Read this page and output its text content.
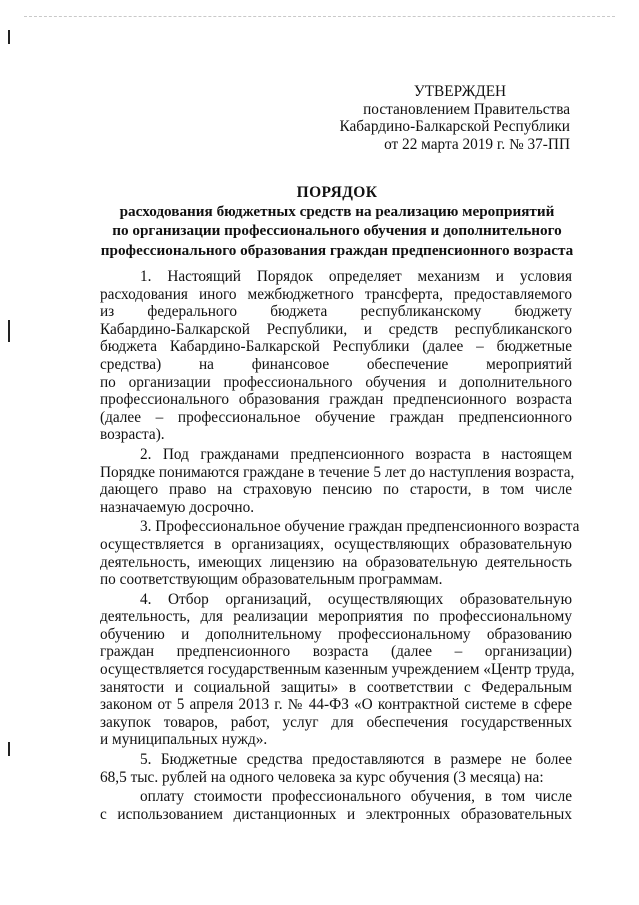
УТВЕРЖДЕН
постановлением Правительства
Кабардино-Балкарской Республики
от 22 марта 2019 г. № 37-ПП
ПОРЯДОК
расходования бюджетных средств на реализацию мероприятий
по организации профессионального обучения и дополнительного
профессионального образования граждан предпенсионного возраста
1. Настоящий Порядок определяет механизм и условия
расходования иного межбюджетного трансферта, предоставляемого
из федерального бюджета республиканскому бюджету
Кабардино-Балкарской Республики, и средств республиканского
бюджета Кабардино-Балкарской Республики (далее – бюджетные
средства) на финансовое обеспечение мероприятий
по организации профессионального обучения и дополнительного
профессионального образования граждан предпенсионного возраста
(далее – профессиональное обучение граждан предпенсионного
возраста).
2. Под гражданами предпенсионного возраста в настоящем
Порядке понимаются граждане в течение 5 лет до наступления возраста,
дающего право на страховую пенсию по старости, в том числе
назначаемую досрочно.
3. Профессиональное обучение граждан предпенсионного возраста
осуществляется в организациях, осуществляющих образовательную
деятельность, имеющих лицензию на образовательную деятельность
по соответствующим образовательным программам.
4. Отбор организаций, осуществляющих образовательную
деятельность, для реализации мероприятия по профессиональному
обучению и дополнительному профессиональному образованию
граждан предпенсионного возраста (далее – организации)
осуществляется государственным казенным учреждением «Центр труда,
занятости и социальной защиты» в соответствии с Федеральным
законом от 5 апреля 2013 г. № 44-ФЗ «О контрактной системе в сфере
закупок товаров, работ, услуг для обеспечения государственных
и муниципальных нужд».
5. Бюджетные средства предоставляются в размере не более
68,5 тыс. рублей на одного человека за курс обучения (3 месяца) на:
оплату стоимости профессионального обучения, в том числе
с использованием дистанционных и электронных образовательных
